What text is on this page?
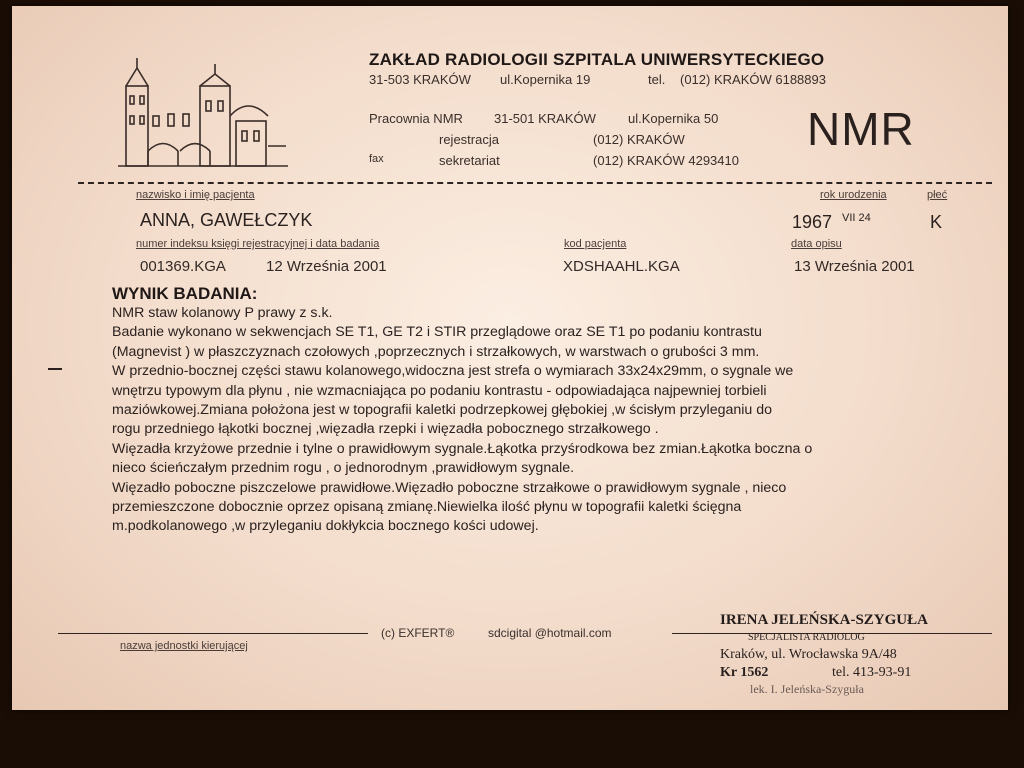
ZAKŁAD RADIOLOGII SZPITALA UNIWERSYTECKIEGO
31-503 KRAKÓW ul.Kopernika 19	tel. (012) KRAKÓW 6188893
Pracownia NMR 31-501 KRAKÓW ul.Kopernika 50
rejestracja	(012) KRAKÓW
fax	sekretariat	(012) KRAKÓW 4293410
NMR
nazwisko i imię pacjenta
ANNA, GAWEŁCZYK
rok urodzenia	płeć
1967 VII 24	K
numer indeksu księgi rejestracyjnej i data badania	kod pacjenta	data opisu
001369.KGA	12 Września 2001	XDSHAAHL.KGA	13 Września 2001
WYNIK BADANIA:
NMR staw kolanowy P prawy z s.k.
Badanie wykonano w sekwencjach SE T1, GE T2 i STIR przeglądowe oraz SE T1 po podaniu kontrastu
(Magnevist ) w płaszczyznach czołowych ,poprzecznych i strzałkowych, w warstwach o grubości 3 mm.
W przednio-bocznej części stawu kolanowego,widoczna jest strefa o wymiarach 33x24x29mm, o sygnale we
wnętrzu typowym dla płynu , nie wzmacniająca po podaniu kontrastu - odpowiadająca najpewniej torbieli
maziówkowej.Zmiana położona jest w topografii kaletki podrzepkowej głębokiej ,w ścisłym przyleganiu do
rogu przedniego łąkotki bocznej ,więzadła rzepki i więzadła pobocznego strzałkowego .
Więzadła krzyżowe przednie i tylne o prawidłowym sygnale.Łąkotka przyśrodkowa bez zmian.Łąkotka boczna o
nieco ścieńczałym przednim rogu , o jednorodnym ,prawidłowym sygnale.
Więzadło poboczne piszczelowe prawidłowe.Więzadło poboczne strzałkowe o prawidłowym sygnale , nieco
przemieszczone dobocznie oprzez opisaną zmianę.Niewielka ilość płynu w topografii kaletki ścięgna
m.podkolanowego ,w przyleganiu dokłykcia bocznego kości udowej.
(c) EXFERT®	sdcigital @hotmail.com
nazwa jednostki kierującej
IRENA JELEŃSKA-SZYGUŁA
SPECJALISTA RADIOLOG
Kraków, ul. Wrocławska 9A/48
Kr 1562	tel. 413-93-91
lek. I. Jeleńska-Szyguła
